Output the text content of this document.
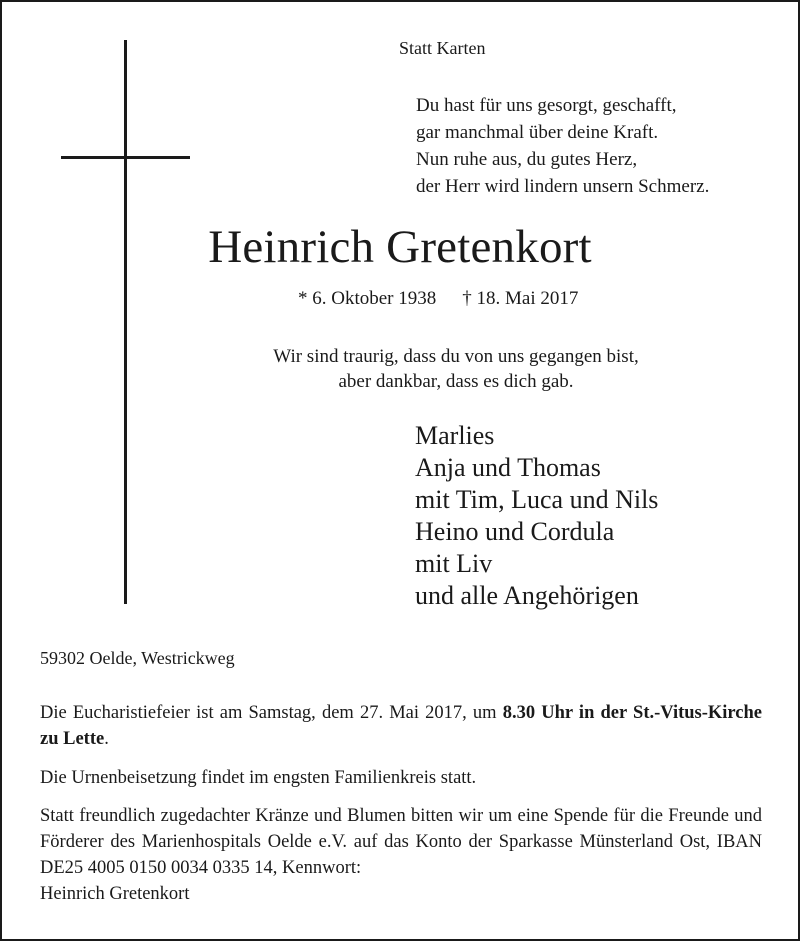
Statt Karten
Du hast für uns gesorgt, geschafft,
gar manchmal über deine Kraft.
Nun ruhe aus, du gutes Herz,
der Herr wird lindern unsern Schmerz.
Heinrich Gretenkort
* 6. Oktober 1938 † 18. Mai 2017
Wir sind traurig, dass du von uns gegangen bist,
aber dankbar, dass es dich gab.
Marlies
Anja und Thomas
mit Tim, Luca und Nils
Heino und Cordula
mit Liv
und alle Angehörigen
59302 Oelde, Westrickweg
Die Eucharistiefeier ist am Samstag, dem 27. Mai 2017, um 8.30 Uhr in der St.-Vitus-Kirche zu Lette.
Die Urnenbeisetzung findet im engsten Familienkreis statt.
Statt freundlich zugedachter Kränze und Blumen bitten wir um eine Spende für die Freunde und Förderer des Marienhospitals Oelde e.V. auf das Konto der Sparkasse Münsterland Ost, IBAN DE25 4005 0150 0034 0335 14, Kennwort:
Heinrich Gretenkort
